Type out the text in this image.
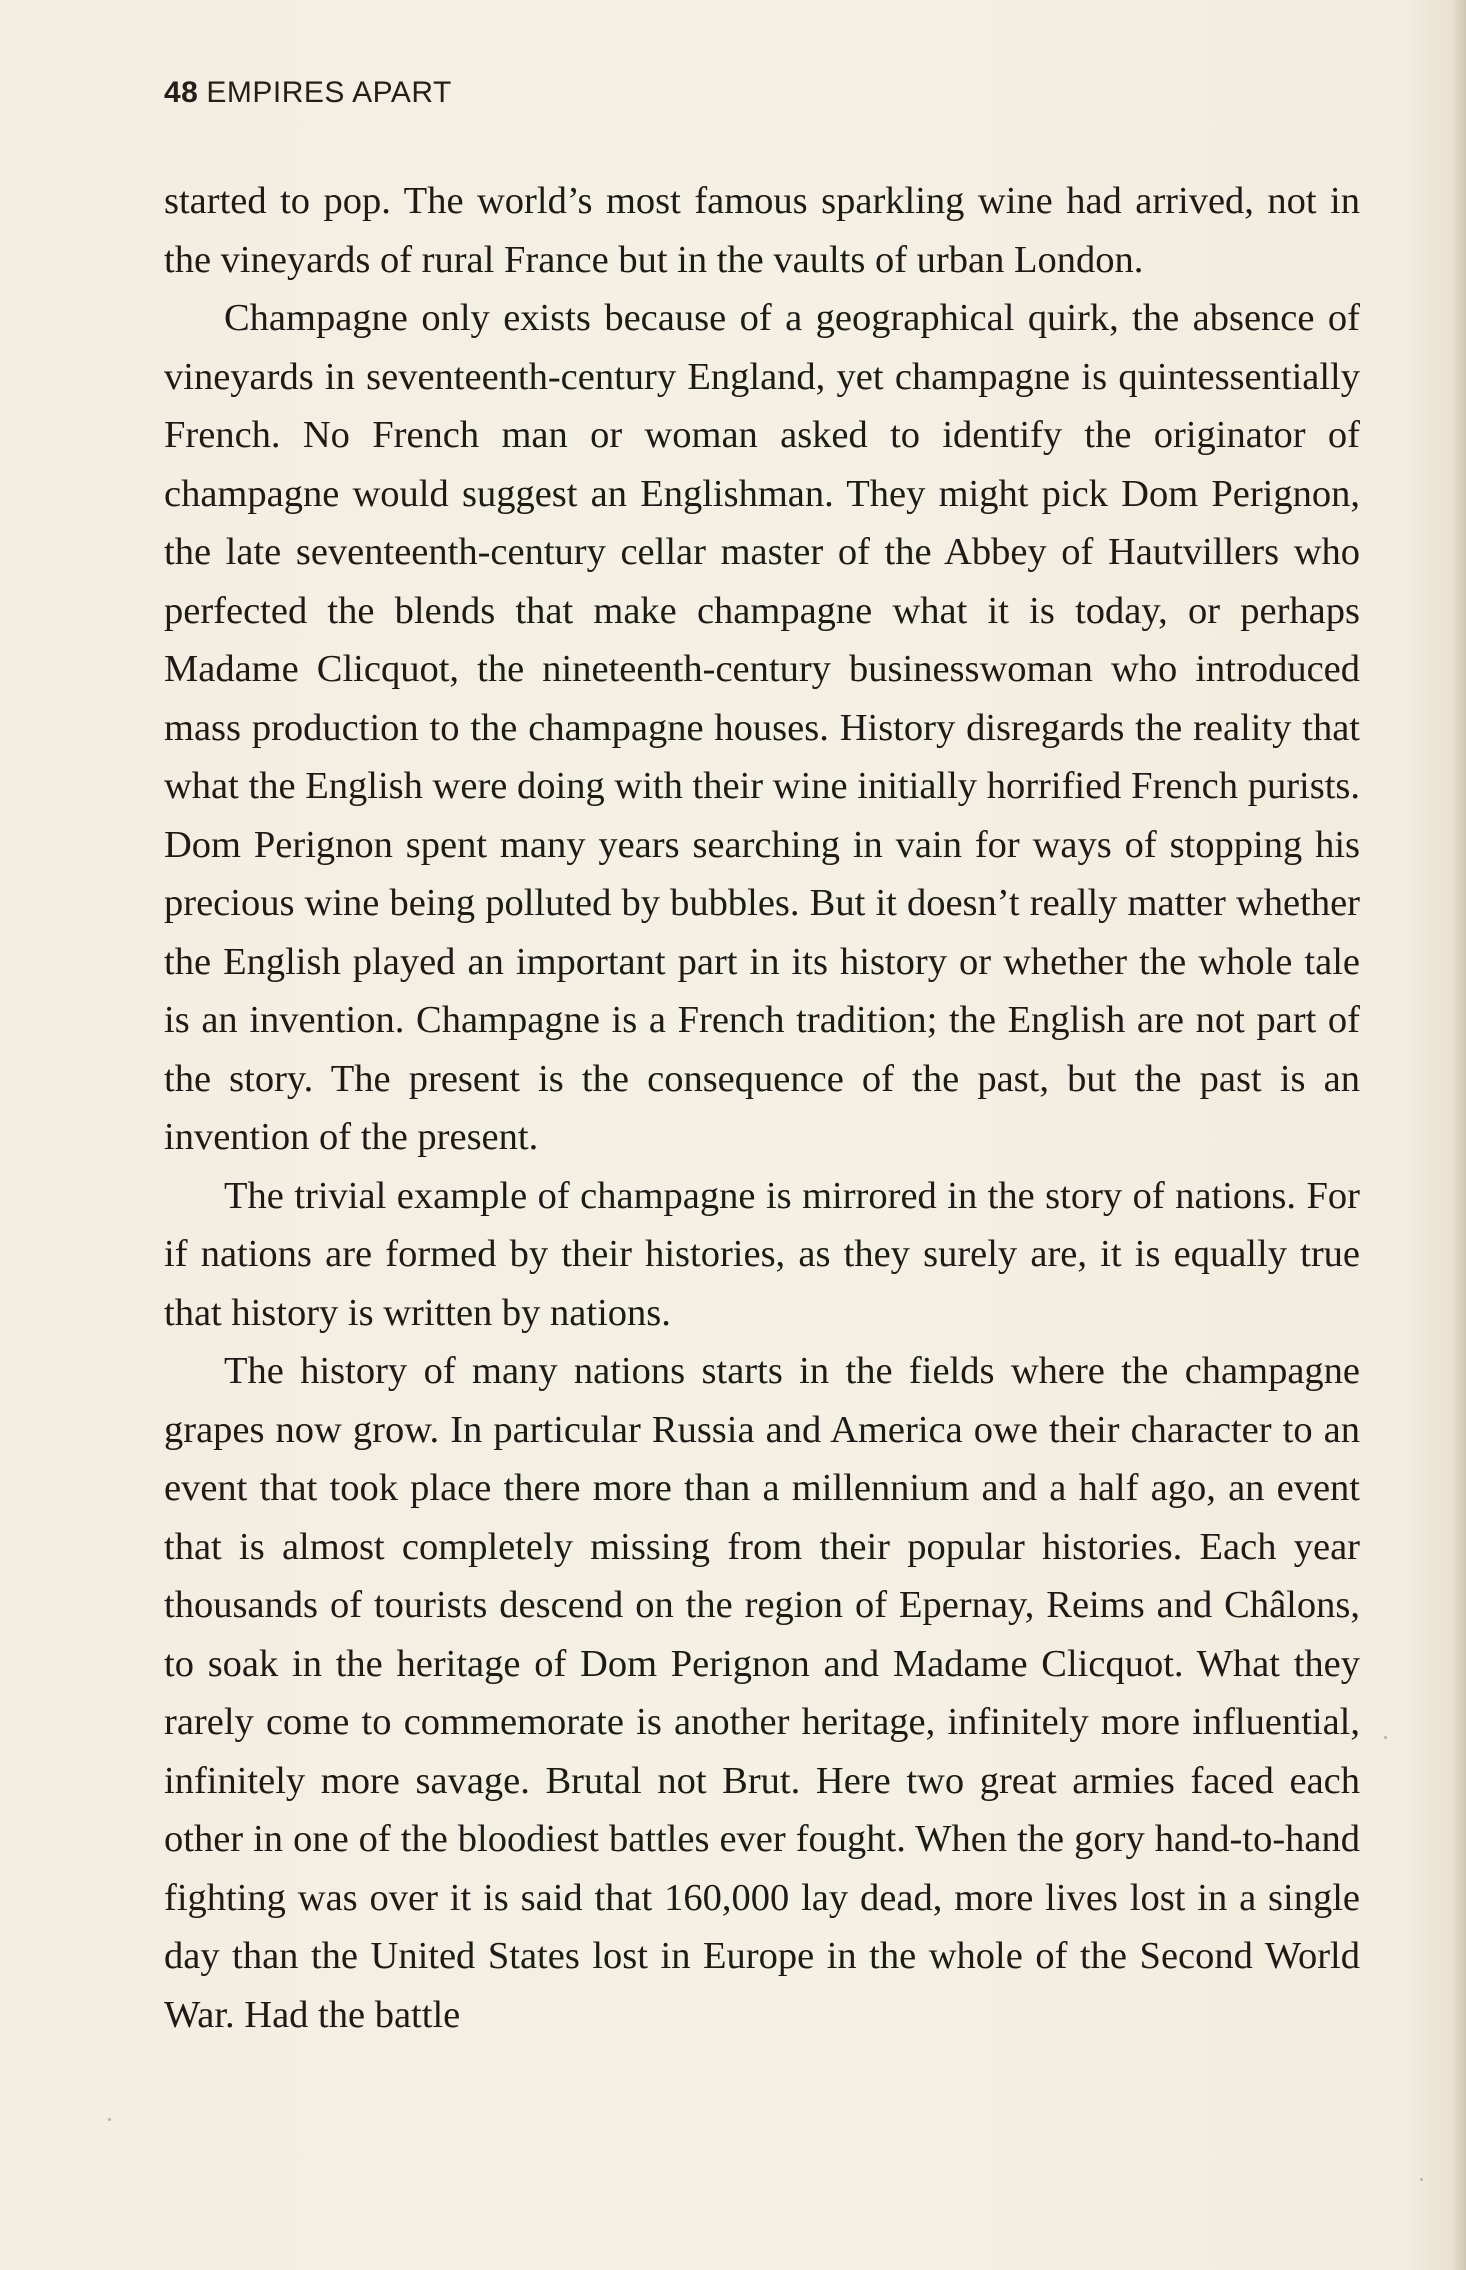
48 EMPIRES APART

started to pop. The world’s most famous sparkling wine had arrived, not in the vineyards of rural France but in the vaults of urban London.

Champagne only exists because of a geographical quirk, the absence of vineyards in seventeenth-century England, yet champagne is quintessentially French. No French man or woman asked to identify the originator of champagne would suggest an Englishman. They might pick Dom Perignon, the late seventeenth-century cellar master of the Abbey of Hautvillers who perfected the blends that make champagne what it is today, or perhaps Madame Clicquot, the nineteenth-century businesswoman who introduced mass production to the champagne houses. History disregards the reality that what the English were doing with their wine initially horrified French purists. Dom Perignon spent many years searching in vain for ways of stopping his precious wine being polluted by bubbles. But it doesn’t really matter whether the English played an important part in its history or whether the whole tale is an invention. Champagne is a French tradition; the English are not part of the story. The present is the consequence of the past, but the past is an invention of the present.

The trivial example of champagne is mirrored in the story of nations. For if nations are formed by their histories, as they surely are, it is equally true that history is written by nations.

The history of many nations starts in the fields where the champagne grapes now grow. In particular Russia and America owe their character to an event that took place there more than a millennium and a half ago, an event that is almost completely missing from their popular histories. Each year thousands of tourists descend on the region of Epernay, Reims and Châlons, to soak in the heritage of Dom Perignon and Madame Clicquot. What they rarely come to commemorate is another heritage, infinitely more influential, infinitely more savage. Brutal not Brut. Here two great armies faced each other in one of the bloodiest battles ever fought. When the gory hand-to-hand fighting was over it is said that 160,000 lay dead, more lives lost in a single day than the United States lost in Europe in the whole of the Second World War. Had the battle
